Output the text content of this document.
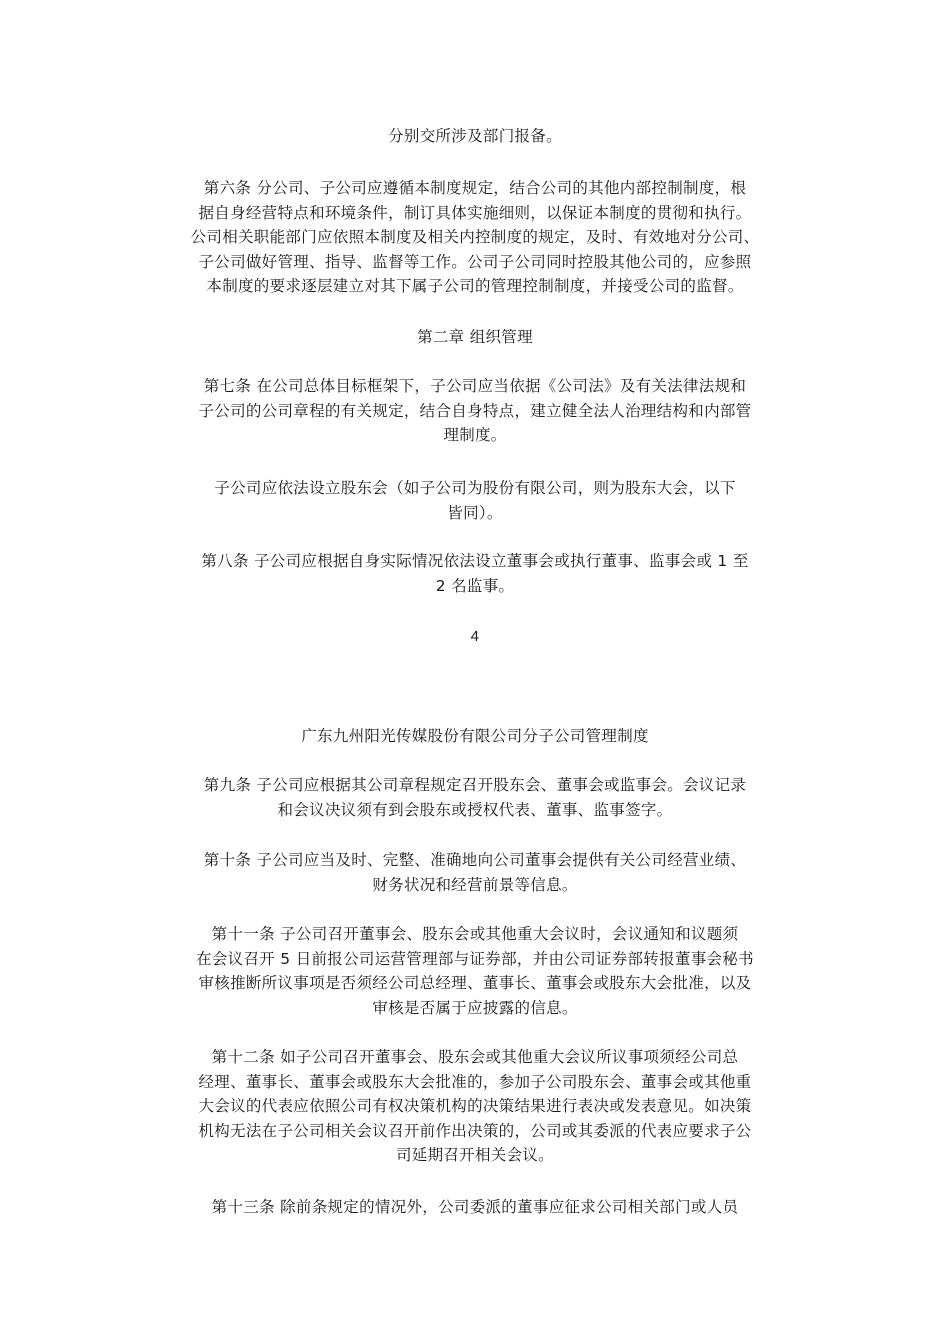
分别交所涉及部门报备。

第六条 分公司、子公司应遵循本制度规定，结合公司的其他内部控制制度，根

据自身经营特点和环境条件，制订具体实施细则，以保证本制度的贯彻和执行。

公司相关职能部门应依照本制度及相关内控制度的规定，及时、有效地对分公司、

子公司做好管理、指导、监督等工作。公司子公司同时控股其他公司的，应参照

本制度的要求逐层建立对其下属子公司的管理控制制度，并接受公司的监督。

第二章 组织管理

第七条 在公司总体目标框架下，子公司应当依据《公司法》及有关法律法规和

子公司的公司章程的有关规定，结合自身特点，建立健全法人治理结构和内部管

理制度。

子公司应依法设立股东会（如子公司为股份有限公司，则为股东大会，以下

皆同）。

第八条 子公司应根据自身实际情况依法设立董事会或执行董事、监事会或 1 至

2 名监事。

4

广东九州阳光传媒股份有限公司分子公司管理制度

第九条 子公司应根据其公司章程规定召开股东会、董事会或监事会。会议记录

和会议决议须有到会股东或授权代表、董事、监事签字。

第十条 子公司应当及时、完整、准确地向公司董事会提供有关公司经营业绩、

财务状况和经营前景等信息。

第十一条 子公司召开董事会、股东会或其他重大会议时，会议通知和议题须

在会议召开 5 日前报公司运营管理部与证券部，并由公司证券部转报董事会秘书

审核推断所议事项是否须经公司总经理、董事长、董事会或股东大会批准，以及

审核是否属于应披露的信息。

第十二条 如子公司召开董事会、股东会或其他重大会议所议事项须经公司总

经理、董事长、董事会或股东大会批准的，参加子公司股东会、董事会或其他重

大会议的代表应依照公司有权决策机构的决策结果进行表决或发表意见。如决策

机构无法在子公司相关会议召开前作出决策的，公司或其委派的代表应要求子公

司延期召开相关会议。

第十三条 除前条规定的情况外，公司委派的董事应征求公司相关部门或人员
